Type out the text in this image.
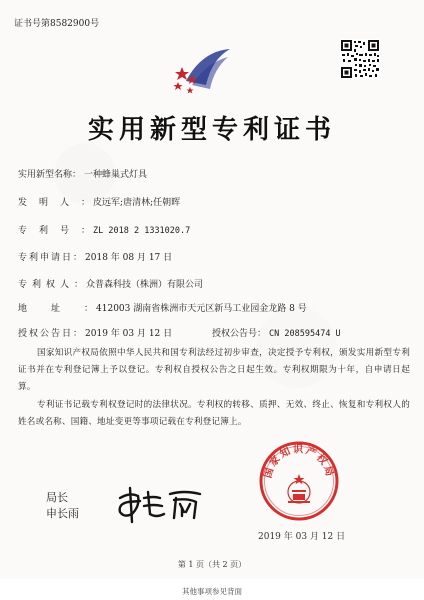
证书号第8582900号
实用新型专利证书
实用新型名称： 一种蜂巢式灯具
发明人： 皮远军;唐清林;任朝晖
专利号： ZL 2018 2 1331020.7
专利申请日： 2018 年 08 月 17 日
专利权人： 众普森科技（株洲）有限公司
地址： 412003 湖南省株洲市天元区新马工业园金龙路 8 号
授权公告日： 2019 年 03 月 12 日	授权公告号： CN 208595474 U
国家知识产权局依照中华人民共和国专利法经过初步审查，决定授予专利权，颁发实用新型专利证书并在专利登记簿上予以登记。专利权自授权公告之日起生效。专利权期限为十年，自申请日起算。
专利证书记载专利权登记时的法律状况。专利权的转移、质押、无效、终止、恢复和专利权人的姓名或名称、国籍、地址变更等事项记载在专利登记簿上。
局长
申长雨
国家知识产权局
2019 年 03 月 12 日
第 1 页（共 2 页）
其他事项参见背面
